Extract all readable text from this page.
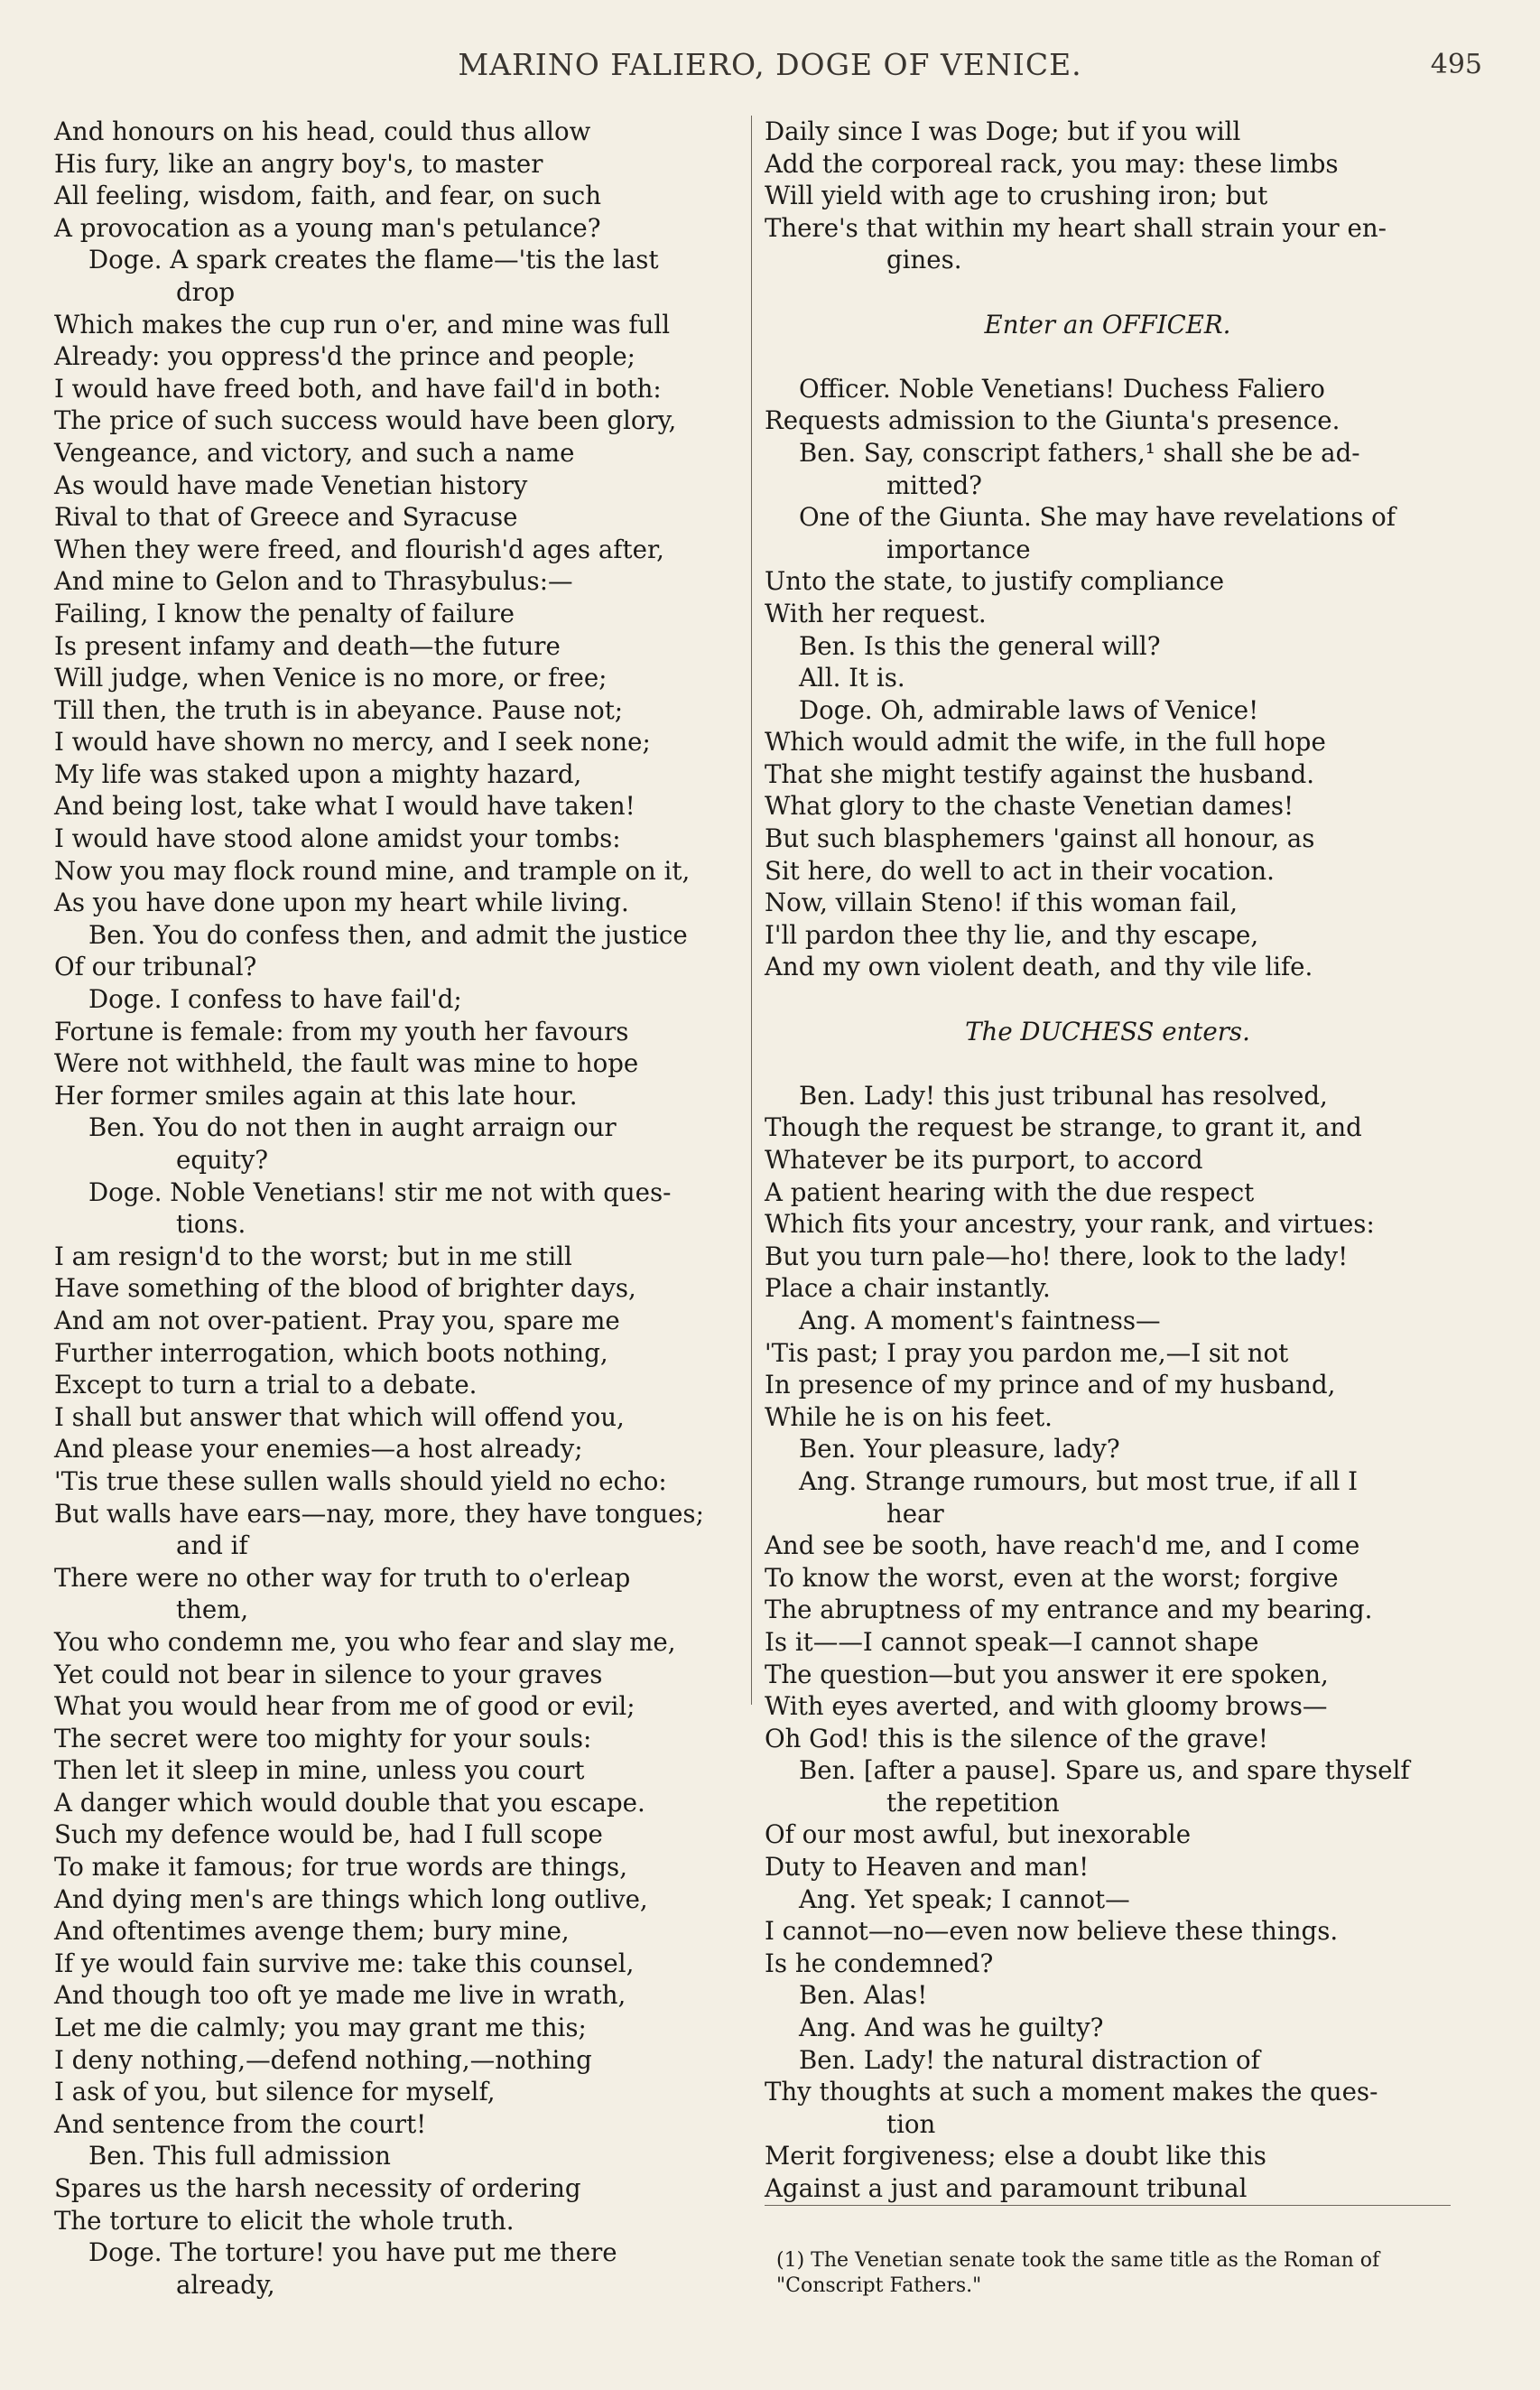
MARINO FALIERO, DOGE OF VENICE.	495
And honours on his head, could thus allow
His fury, like an angry boy's, to master
All feeling, wisdom, faith, and fear, on such
A provocation as a young man's petulance?
Doge. A spark creates the flame—'tis the last
drop
Which makes the cup run o'er, and mine was full
Already: you oppress'd the prince and people;
I would have freed both, and have fail'd in both:
The price of such success would have been glory,
Vengeance, and victory, and such a name
As would have made Venetian history
Rival to that of Greece and Syracuse
When they were freed, and flourish'd ages after,
And mine to Gelon and to Thrasybulus:—
Failing, I know the penalty of failure
Is present infamy and death—the future
Will judge, when Venice is no more, or free;
Till then, the truth is in abeyance. Pause not;
I would have shown no mercy, and I seek none;
My life was staked upon a mighty hazard,
And being lost, take what I would have taken!
I would have stood alone amidst your tombs:
Now you may flock round mine, and trample on it,
As you have done upon my heart while living.
Ben. You do confess then, and admit the justice
Of our tribunal?
Doge. I confess to have fail'd;
Fortune is female: from my youth her favours
Were not withheld, the fault was mine to hope
Her former smiles again at this late hour.
Ben. You do not then in aught arraign our
equity?
Doge. Noble Venetians! stir me not with ques-
tions.
I am resign'd to the worst; but in me still
Have something of the blood of brighter days,
And am not over-patient. Pray you, spare me
Further interrogation, which boots nothing,
Except to turn a trial to a debate.
I shall but answer that which will offend you,
And please your enemies—a host already;
'Tis true these sullen walls should yield no echo:
But walls have ears—nay, more, they have tongues;
and if
There were no other way for truth to o'erleap
them,
You who condemn me, you who fear and slay me,
Yet could not bear in silence to your graves
What you would hear from me of good or evil;
The secret were too mighty for your souls:
Then let it sleep in mine, unless you court
A danger which would double that you escape.
Such my defence would be, had I full scope
To make it famous; for true words are things,
And dying men's are things which long outlive,
And oftentimes avenge them; bury mine,
If ye would fain survive me: take this counsel,
And though too oft ye made me live in wrath,
Let me die calmly; you may grant me this;
I deny nothing,—defend nothing,—nothing
I ask of you, but silence for myself,
And sentence from the court!
Ben. This full admission
Spares us the harsh necessity of ordering
The torture to elicit the whole truth.
Doge. The torture! you have put me there
already,
Daily since I was Doge; but if you will
Add the corporeal rack, you may: these limbs
Will yield with age to crushing iron; but
There's that within my heart shall strain your en-
gines.
Enter an OFFICER.
Officer. Noble Venetians! Duchess Faliero
Requests admission to the Giunta's presence.
Ben. Say, conscript fathers,¹ shall she be ad-
mitted?
One of the Giunta. She may have revelations of
importance
Unto the state, to justify compliance
With her request.
Ben. Is this the general will?
All. It is.
Doge. Oh, admirable laws of Venice!
Which would admit the wife, in the full hope
That she might testify against the husband.
What glory to the chaste Venetian dames!
But such blasphemers 'gainst all honour, as
Sit here, do well to act in their vocation.
Now, villain Steno! if this woman fail,
I'll pardon thee thy lie, and thy escape,
And my own violent death, and thy vile life.
The DUCHESS enters.
Ben. Lady! this just tribunal has resolved,
Though the request be strange, to grant it, and
Whatever be its purport, to accord
A patient hearing with the due respect
Which fits your ancestry, your rank, and virtues:
But you turn pale—ho! there, look to the lady!
Place a chair instantly.
Ang. A moment's faintness—
'Tis past; I pray you pardon me,—I sit not
In presence of my prince and of my husband,
While he is on his feet.
Ben. Your pleasure, lady?
Ang. Strange rumours, but most true, if all I
hear
And see be sooth, have reach'd me, and I come
To know the worst, even at the worst; forgive
The abruptness of my entrance and my bearing.
Is it——I cannot speak—I cannot shape
The question—but you answer it ere spoken,
With eyes averted, and with gloomy brows—
Oh God! this is the silence of the grave!
Ben. [after a pause]. Spare us, and spare thyself
the repetition
Of our most awful, but inexorable
Duty to Heaven and man!
Ang. Yet speak; I cannot—
I cannot—no—even now believe these things.
Is he condemned?
Ben. Alas!
Ang. And was he guilty?
Ben. Lady! the natural distraction of
Thy thoughts at such a moment makes the ques-
tion
Merit forgiveness; else a doubt like this
Against a just and paramount tribunal
(1) The Venetian senate took the same title as the Roman of "Conscript Fathers."
